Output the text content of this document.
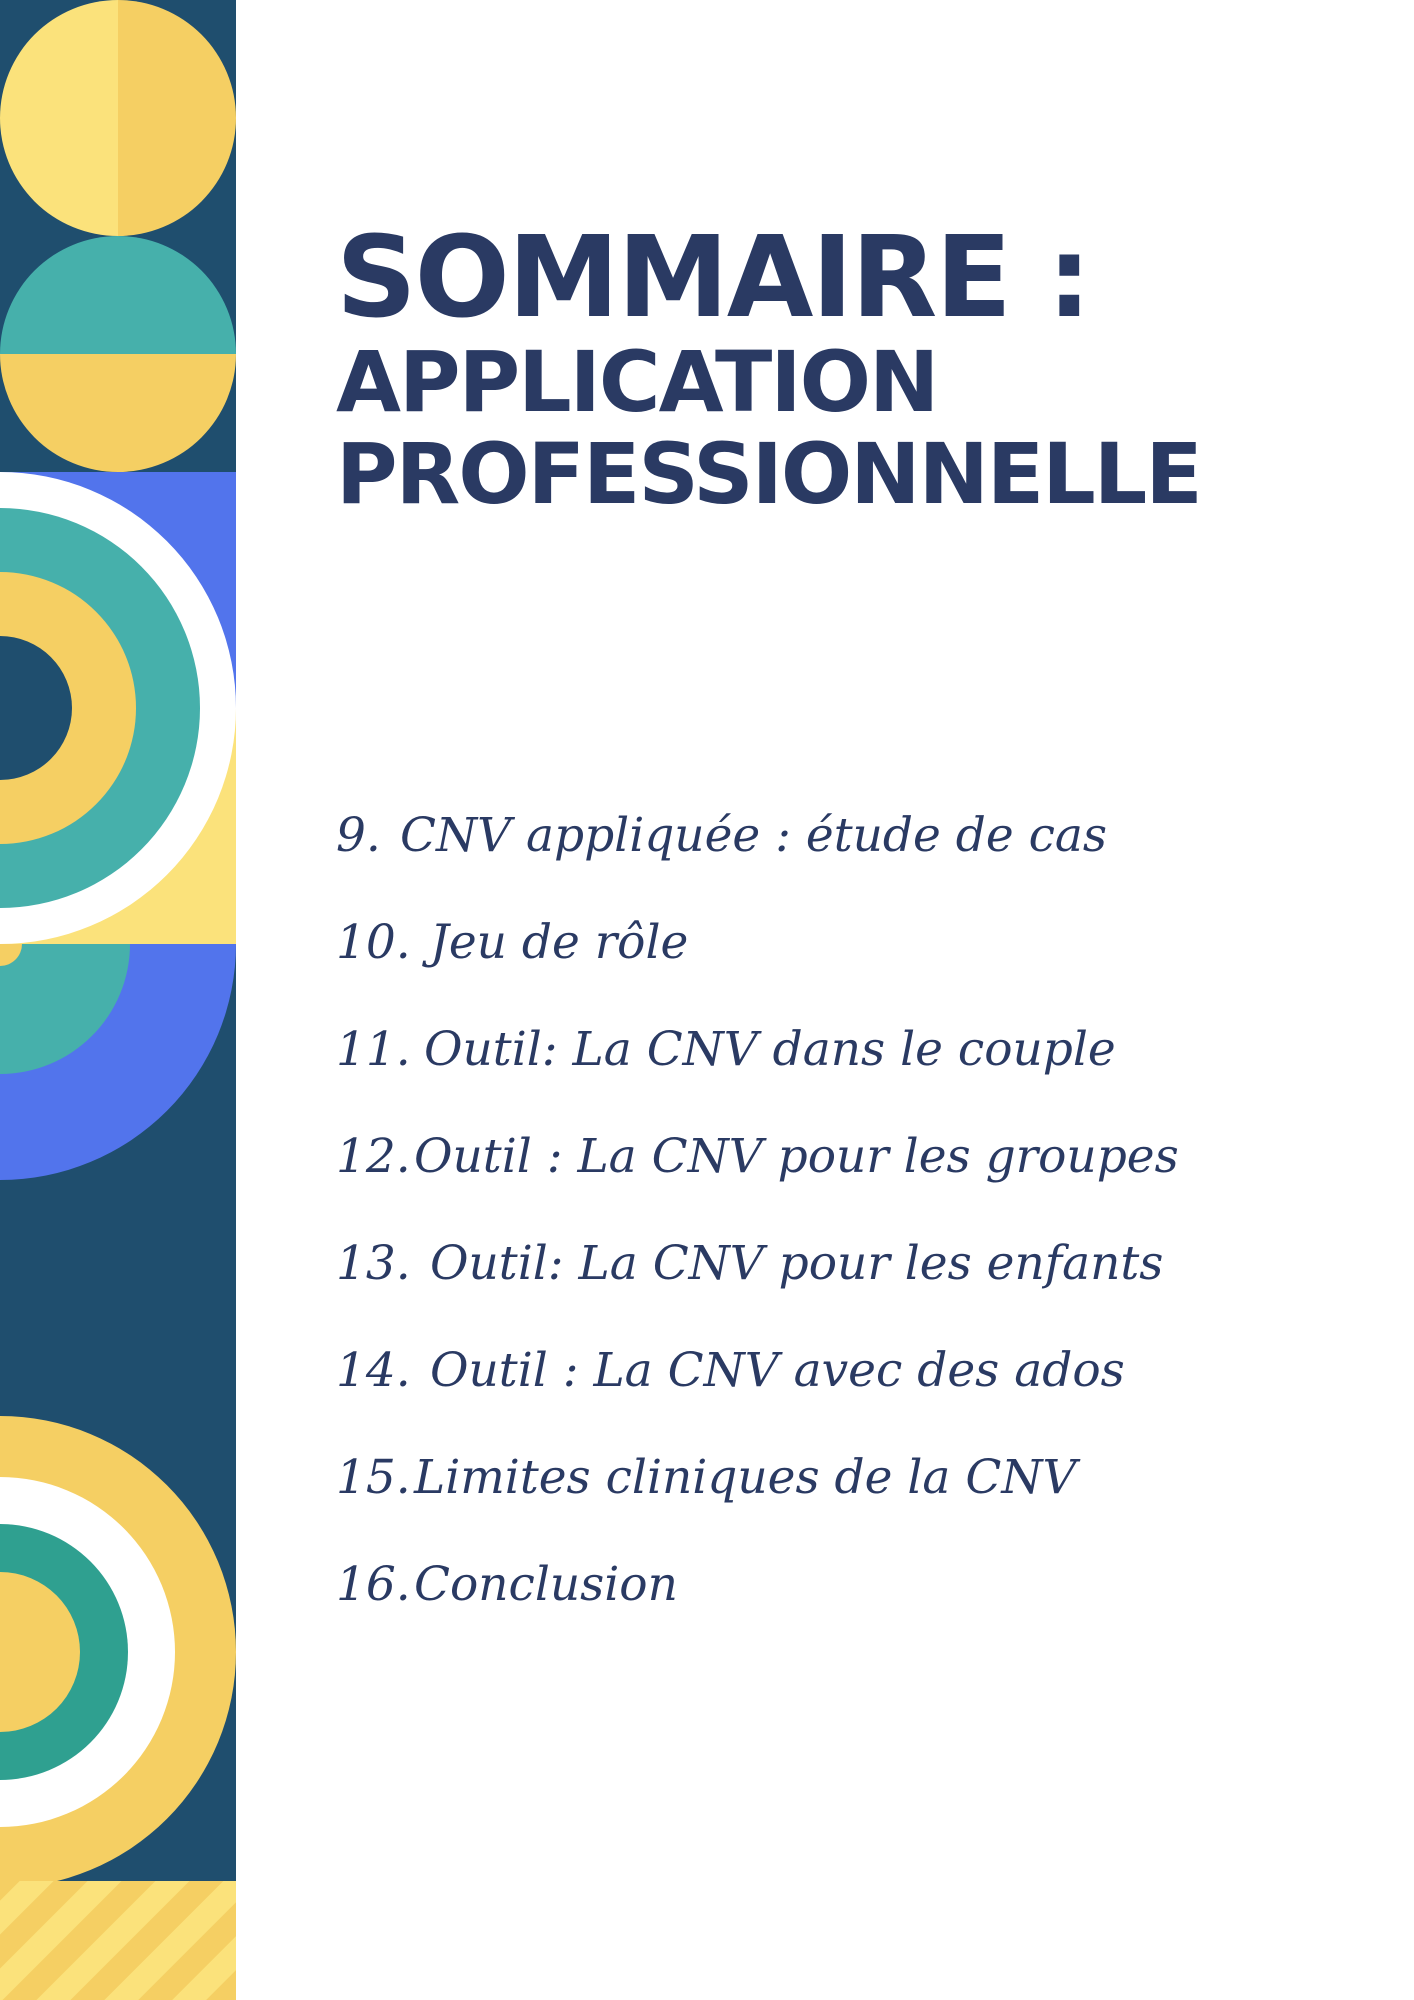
SOMMAIRE :
APPLICATION
PROFESSIONNELLE
9. CNV appliquée : étude de cas
10. Jeu de rôle
11. Outil: La CNV dans le couple
12. Outil : La CNV pour les groupes
13. Outil: La CNV pour les enfants
14. Outil : La CNV avec des ados
15. Limites cliniques de la CNV
16. Conclusion
